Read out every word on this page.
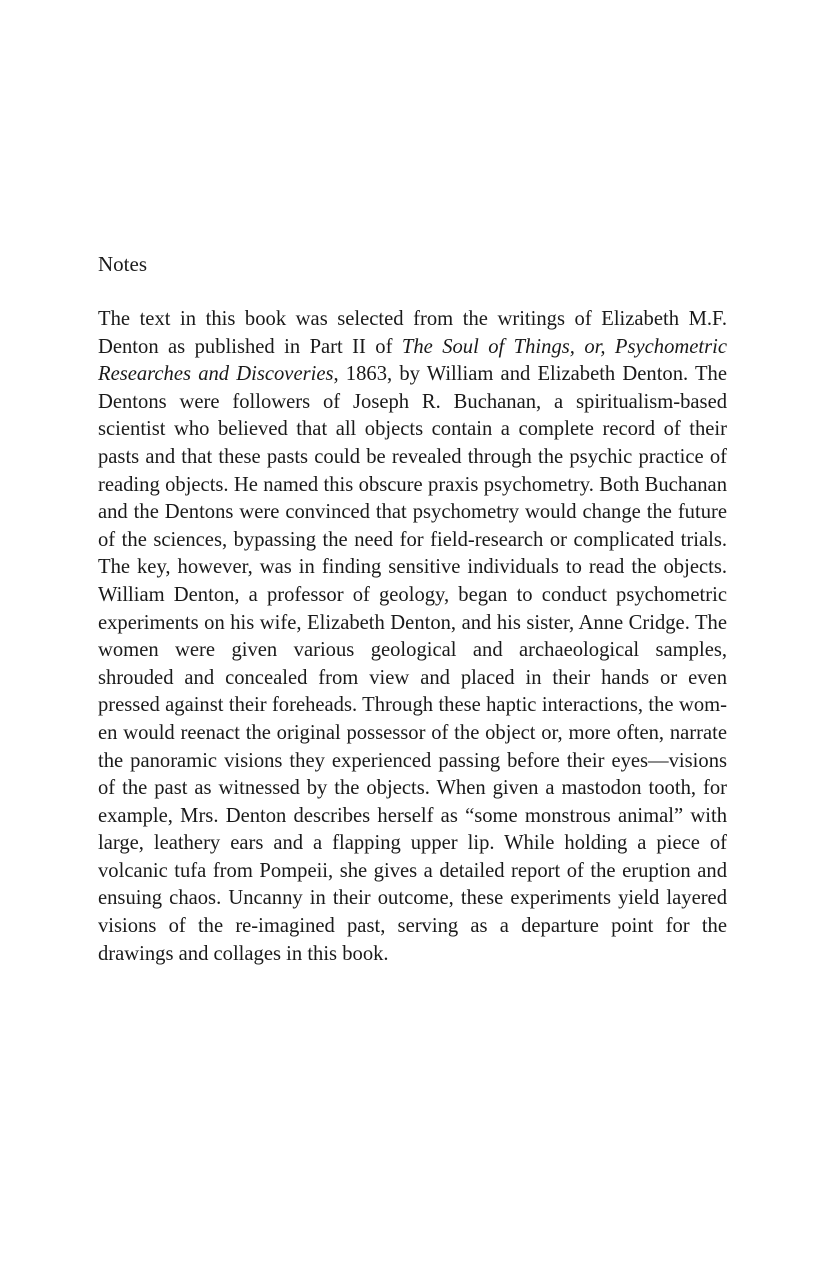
Notes

The text in this book was selected from the writings of Elizabeth M.F. Denton as published in Part II of The Soul of Things, or, Psychometric Researches and Discoveries, 1863, by William and Elizabeth Denton. The Dentons were followers of Joseph R. Buchanan, a spiritualism-based scientist who believed that all objects contain a complete record of their pasts and that these pasts could be revealed through the psychic practice of reading objects. He named this obscure praxis psychometry. Both Buchanan and the Dentons were convinced that psychometry would change the future of the sciences, bypassing the need for field-research or complicated trials. The key, however, was in finding sensitive individuals to read the objects. William Denton, a professor of geology, began to conduct psychometric experiments on his wife, Elizabeth Denton, and his sister, Anne Cridge. The women were given various geological and archaeological samples, shrouded and concealed from view and placed in their hands or even pressed against their foreheads. Through these haptic interactions, the women would reenact the original possessor of the object or, more often, narrate the panoramic visions they experienced passing before their eyes—visions of the past as witnessed by the objects. When given a mastodon tooth, for example, Mrs. Denton describes herself as “some monstrous animal” with large, leathery ears and a flapping upper lip. While holding a piece of volcanic tufa from Pompeii, she gives a detailed report of the eruption and ensuing chaos. Uncanny in their outcome, these experiments yield layered visions of the re-imagined past, serving as a departure point for the drawings and collages in this book.
